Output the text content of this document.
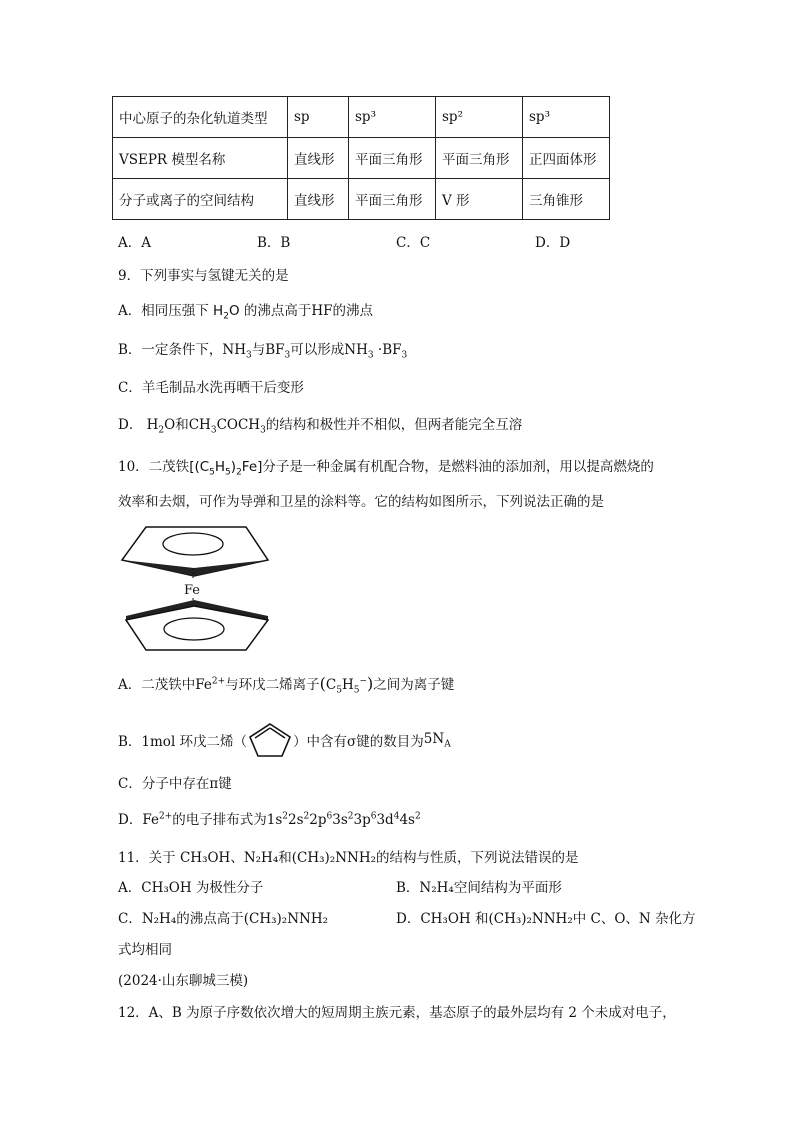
中心原子的杂化轨道类型	sp	sp³	sp²	sp³
VSEPR 模型名称	直线形	平面三角形	平面三角形	正四面体形
分子或离子的空间结构	直线形	平面三角形	V 形	三角锥形
A．A	B．B	C．C	D．D
9．下列事实与氢键无关的是
A．相同压强下 $H_2O$ 的沸点高于HF的沸点
B．一定条件下，$NH_3$与$BF_3$可以形成$NH_3 \cdot BF_3$
C．羊毛制品水洗再晒干后变形
D． $H_2O$和$CH_3COCH_3$的结构和极性并不相似，但两者能完全互溶
10．二茂铁$[(C_5H_5)_2Fe]$分子是一种金属有机配合物，是燃料油的添加剂，用以提高燃烧的
效率和去烟，可作为导弹和卫星的涂料等。它的结构如图所示，下列说法正确的是
Fe
A．二茂铁中$Fe^{2+}$与环戊二烯离子$(C_5H_5^-)$之间为离子键
B．1mol 环戊二烯（	）中含有σ键的数目为 $5N_A$
C．分子中存在π键
D．$Fe^{2+}$的电子排布式为$1s^22s^22p^63s^23p^63d^44s^2$
11．关于 CH₃OH、N₂H₄和(CH₃)₂NNH₂的结构与性质，下列说法错误的是
A．CH₃OH 为极性分子	B．N₂H₄空间结构为平面形
C．N₂H₄的沸点高于(CH₃)₂NNH₂	D．CH₃OH 和(CH₃)₂NNH₂中 C、O、N 杂化方
式均相同
(2024·山东聊城三模)
12．A、B 为原子序数依次增大的短周期主族元素，基态原子的最外层均有 2 个未成对电子，
